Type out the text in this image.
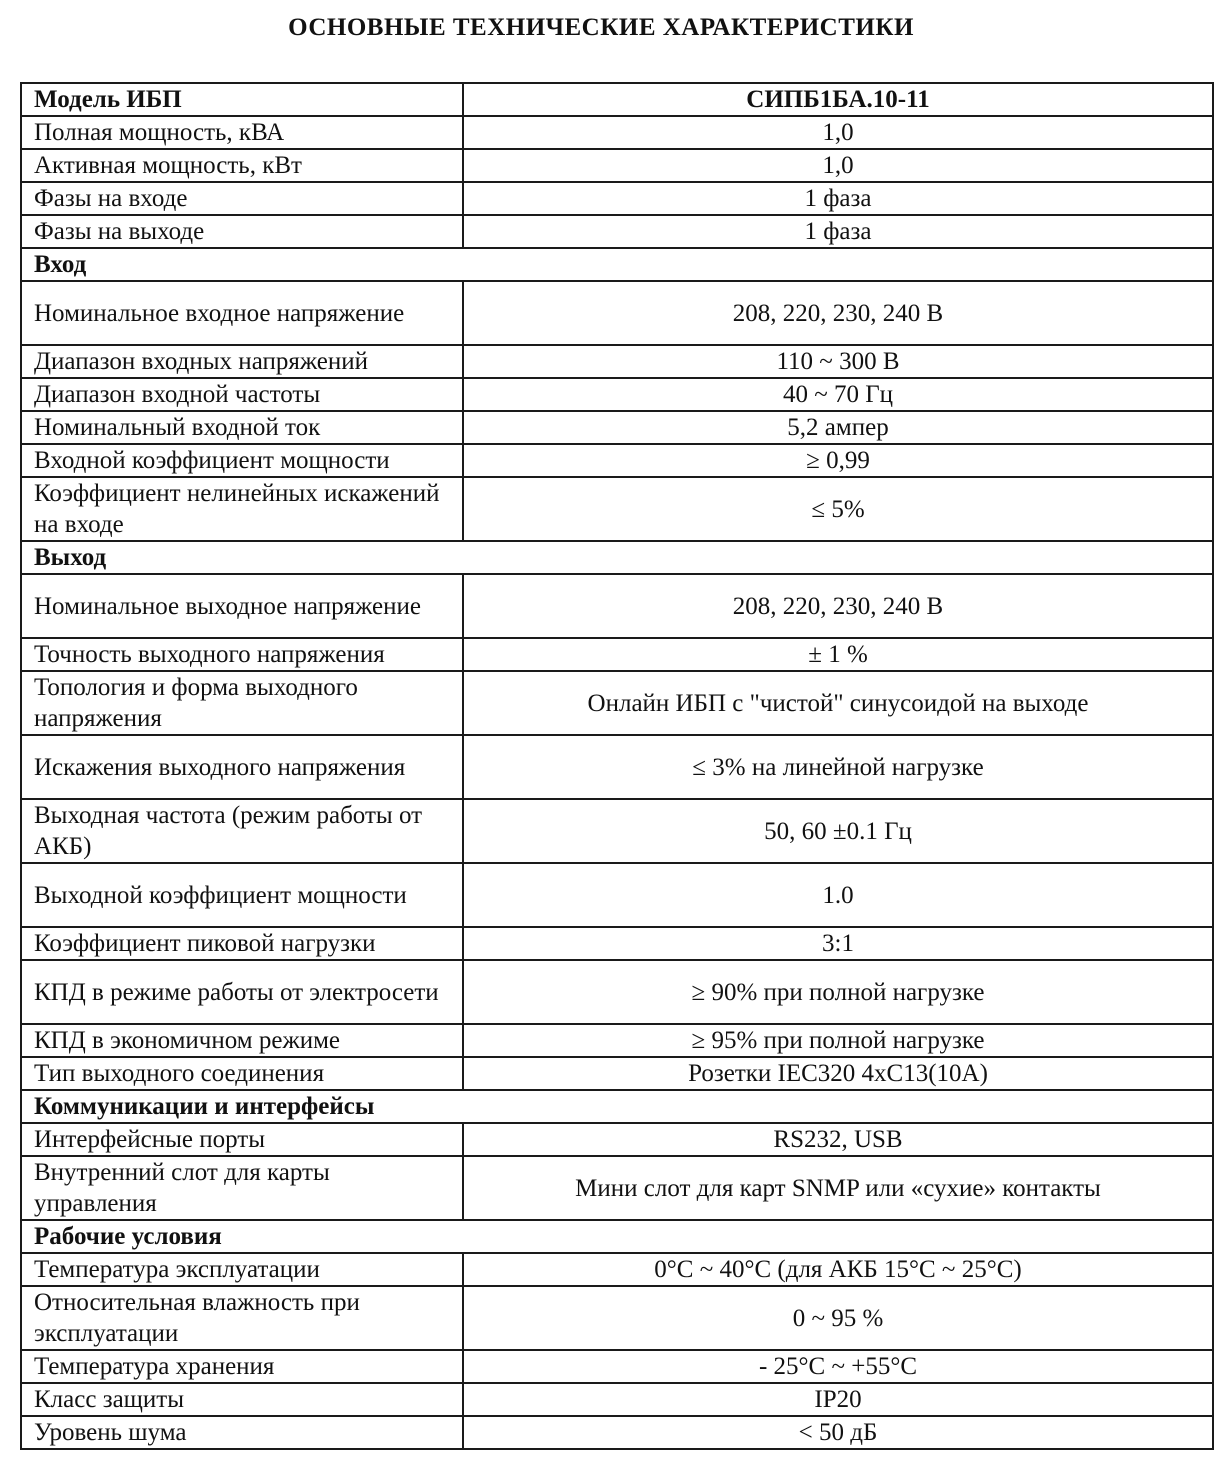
ОСНОВНЫЕ ТЕХНИЧЕСКИЕ ХАРАКТЕРИСТИКИ
Модель ИБП	СИПБ1БА.10-11
Полная мощность, кВА	1,0
Активная мощность, кВт	1,0
Фазы на входе	1 фаза
Фазы на выходе	1 фаза
Вход	
Номинальное входное напряжение	208, 220, 230, 240 В
Диапазон входных напряжений	110 ~ 300 В
Диапазон входной частоты	40 ~ 70 Гц
Номинальный входной ток	5,2 ампер
Входной коэффициент мощности	≥ 0,99
Коэффициент нелинейных искажений на входе	≤ 5%
Выход	
Номинальное выходное напряжение	208, 220, 230, 240 В
Точность выходного напряжения	± 1 %
Топология и форма выходного напряжения	Онлайн ИБП с "чистой" синусоидой на выходе
Искажения выходного напряжения	≤ 3% на линейной нагрузке
Выходная частота (режим работы от АКБ)	50, 60 ±0.1 Гц
Выходной коэффициент мощности	1.0
Коэффициент пиковой нагрузки	3:1
КПД в режиме работы от электросети	≥ 90% при полной нагрузке
КПД в экономичном режиме	≥ 95% при полной нагрузке
Тип выходного соединения	Розетки IEC320 4xC13(10A)
Коммуникации и интерфейсы	
Интерфейсные порты	RS232, USB
Внутренний слот для карты управления	Мини слот для карт SNMP или «сухие» контакты
Рабочие условия	
Температура эксплуатации	0°C ~ 40°C (для АКБ 15°C ~ 25°C)
Относительная влажность при эксплуатации	0 ~ 95 %
Температура хранения	- 25°C ~ +55°C
Класс защиты	IP20
Уровень шума	< 50 дБ
